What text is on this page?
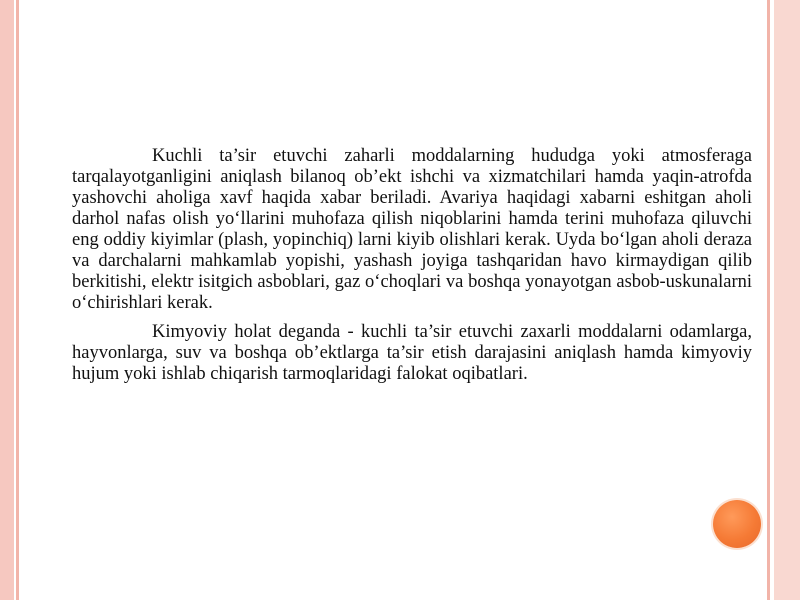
Kuchli ta’sir etuvchi zaharli moddalarning hududga yoki atmosferaga tarqalayotganligini aniqlash bilanoq ob’ekt ishchi va xizmatchilari hamda yaqin-atrofda yashovchi aholiga xavf haqida xabar beriladi. Avariya haqidagi xabarni eshitgan aholi darhol nafas olish yo‘llarini muhofaza qilish niqoblarini hamda terini muhofaza qiluvchi eng oddiy kiyimlar (plash, yopinchiq) larni kiyib olishlari kerak. Uyda bo‘lgan aholi deraza va darchalarni mahkamlab yopishi, yashash joyiga tashqaridan havo kirmaydigan qilib berkitishi, elektr isitgich asboblari, gaz o‘choqlari va boshqa yonayotgan asbob-uskunalarni o‘chirishlari kerak.

Kimyoviy holat deganda - kuchli ta’sir etuvchi zaxarli moddalarni odamlarga, hayvonlarga, suv va boshqa ob’ektlarga ta’sir etish darajasini aniqlash hamda kimyoviy hujum yoki ishlab chiqarish tarmoqlaridagi falokat oqibatlari.
